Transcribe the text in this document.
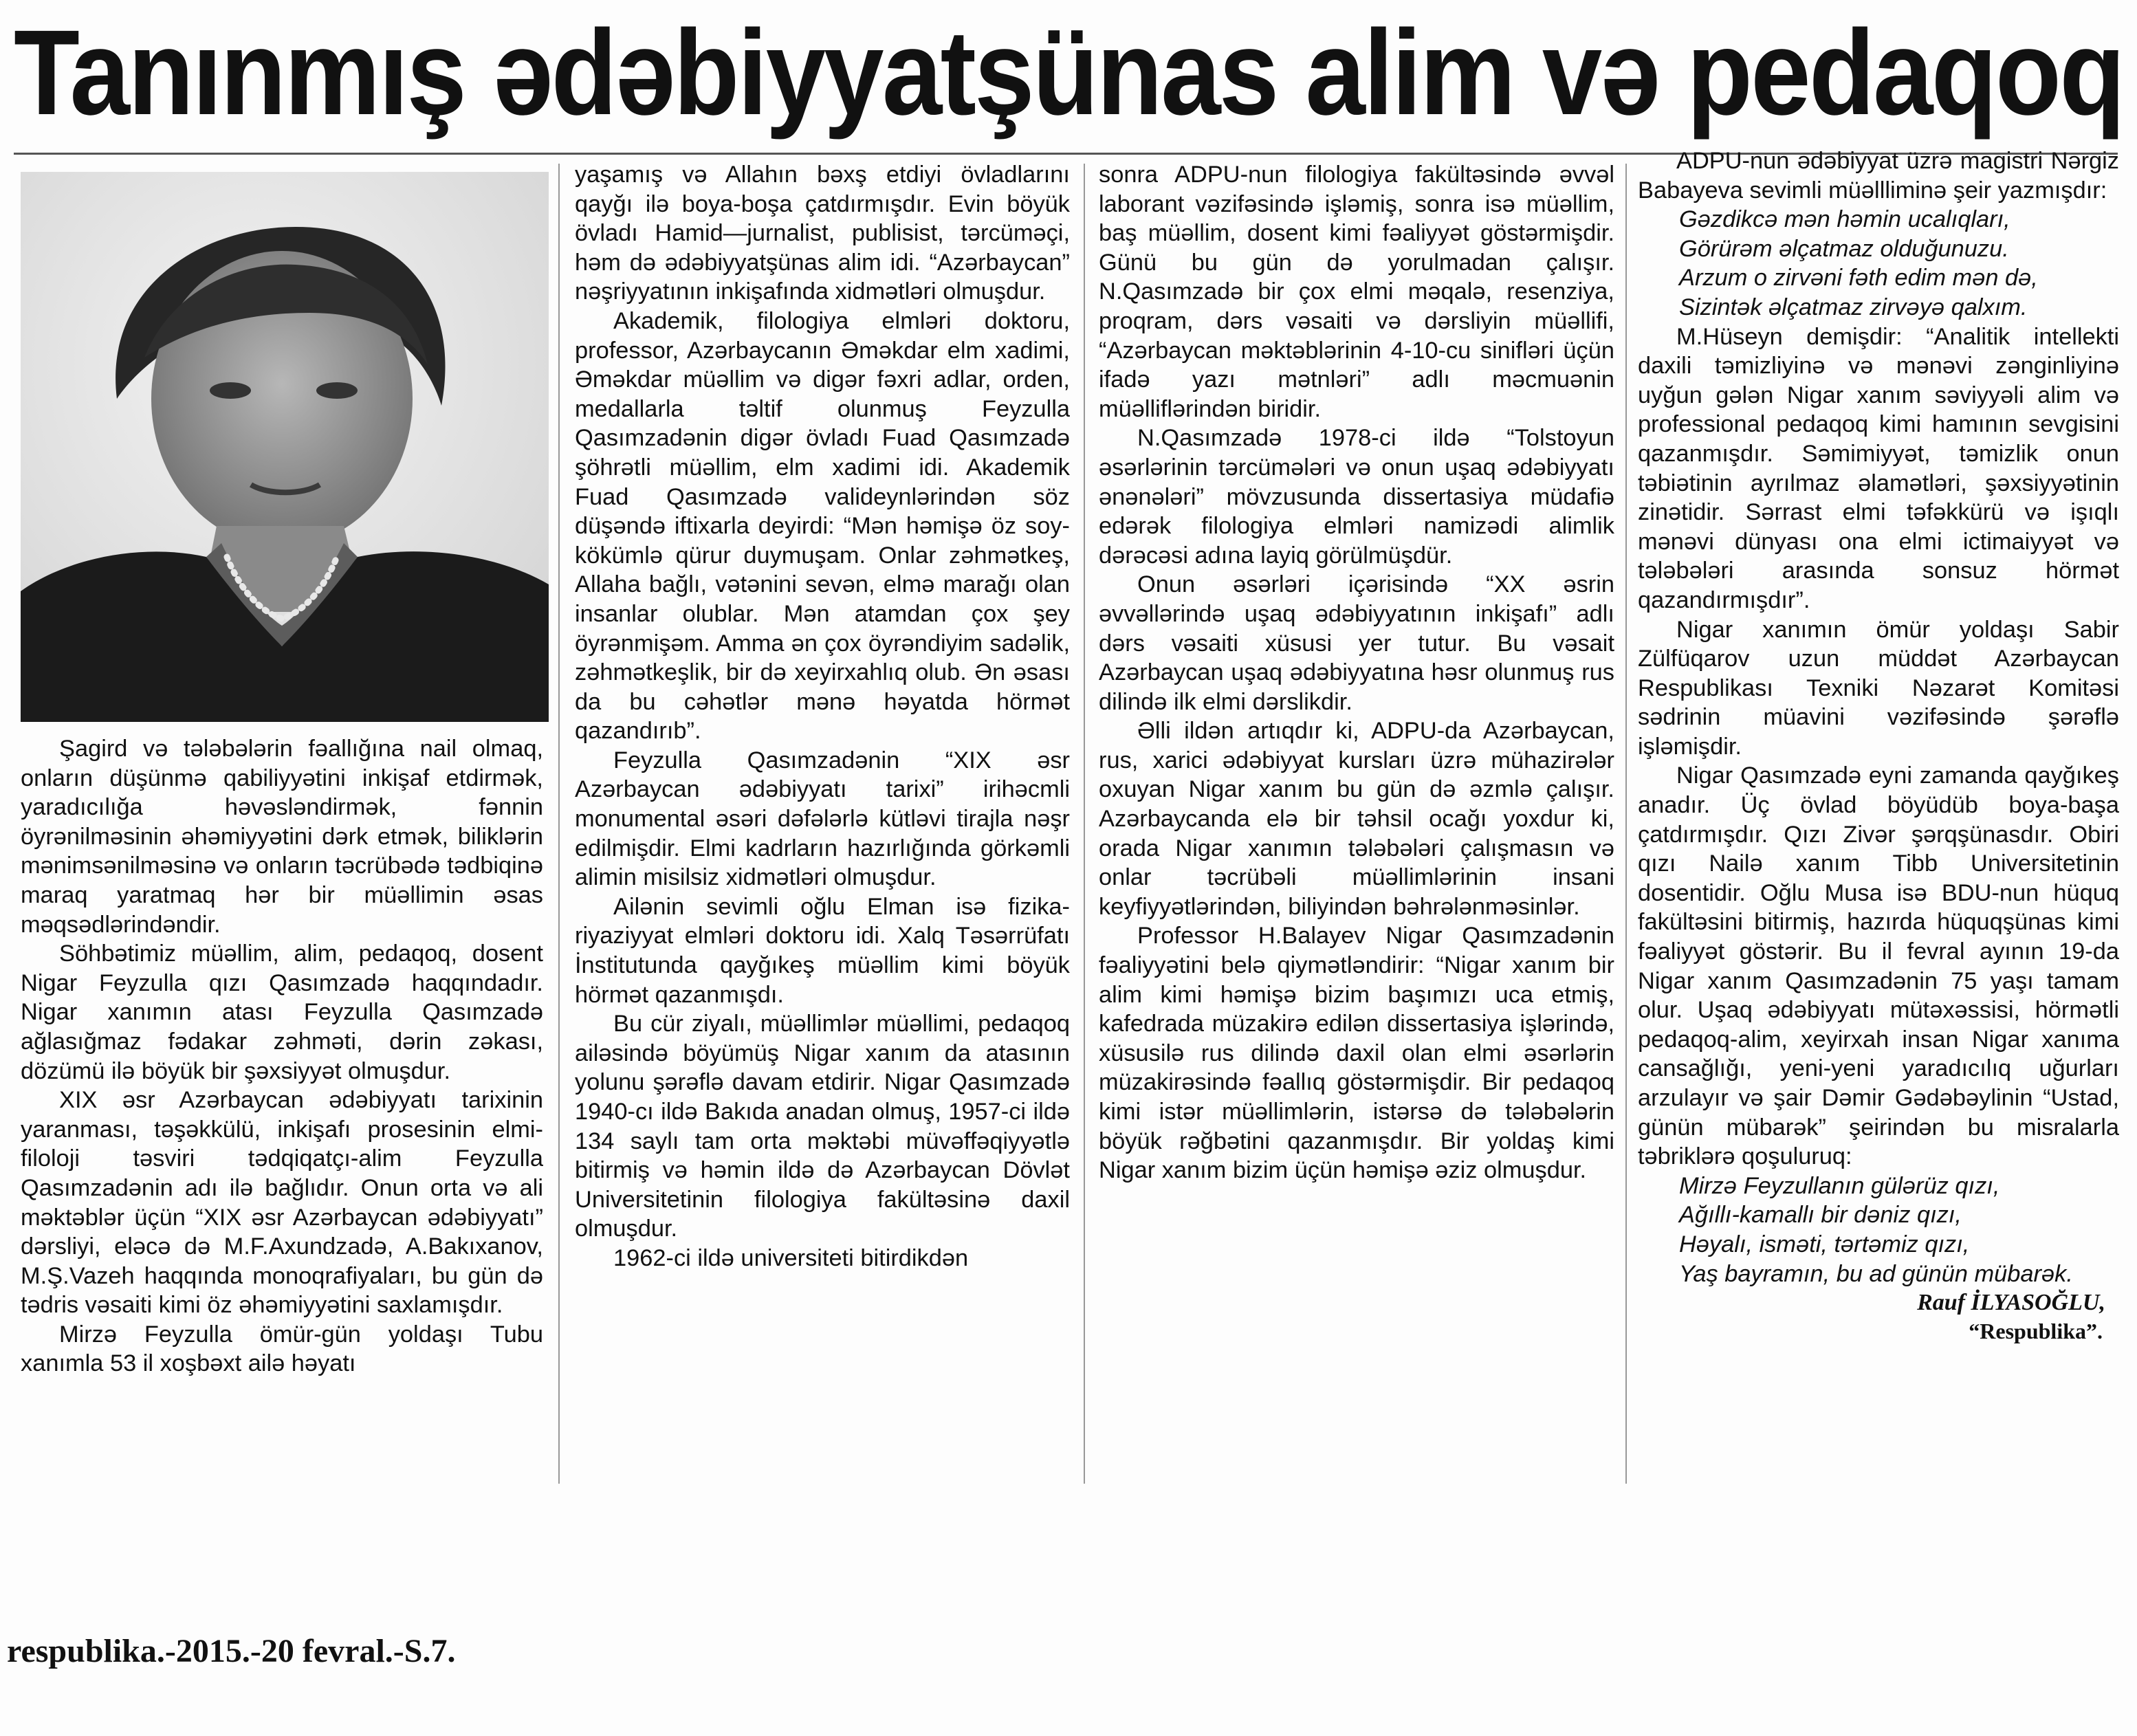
Tanınmış ədəbiyyatşünas alim və pedaqoq

Şagird və tələbələrin fəallığına nail olmaq, onların düşünmə qabiliyyətini inkişaf etdirmək, yaradıcılığa həvəsləndirmək, fənnin öyrənilməsinin əhəmiyyətini dərk etmək, biliklərin mənimsənilməsinə və onların təcrübədə tədbiqinə maraq yaratmaq hər bir müəllimin əsas məqsədlərindəndir.

Söhbətimiz müəllim, alim, pedaqoq, dosent Nigar Feyzulla qızı Qasımzadə haqqındadır. Nigar xanımın atası Feyzulla Qasımzadə ağlasığmaz fədakar zəhməti, dərin zəkası, dözümü ilə böyük bir şəxsiyyət olmuşdur.

XIX əsr Azərbaycan ədəbiyyatı tarixinin yaranması, təşəkkülü, inkişafı prosesinin elmi-filoloji təsviri tədqiqatçı-alim Feyzulla Qasımzadənin adı ilə bağlıdır. Onun orta və ali məktəblər üçün “XIX əsr Azərbaycan ədəbiyyatı” dərsliyi, eləcə də M.F.Axundzadə, A.Bakıxanov, M.Ş.Vazeh haqqında monoqrafiyaları, bu gün də tədris vəsaiti kimi öz əhəmiyyətini saxlamışdır.

Mirzə Feyzulla ömür-gün yoldaşı Tubu xanımla 53 il xoşbəxt ailə həyatı

yaşamış və Allahın bəxş etdiyi övladlarını qayğı ilə boya-boşa çatdırmışdır. Evin böyük övladı Hamid—jurnalist, publisist, tərcüməçi, həm də ədəbiyyatşünas alim idi. “Azərbaycan” nəşriyyatının inkişafında xidmətləri olmuşdur.

Akademik, filologiya elmləri doktoru, professor, Azərbaycanın Əməkdar elm xadimi, Əməkdar müəllim və digər fəxri adlar, orden, medallarla təltif olunmuş Feyzulla Qasımzadənin digər övladı Fuad Qasımzadə şöhrətli müəllim, elm xadimi idi. Akademik Fuad Qasımzadə valideynlərindən söz düşəndə iftixarla deyirdi: “Mən həmişə öz soy-kökümlə qürur duymuşam. Onlar zəhmətkeş, Allaha bağlı, vətənini sevən, elmə marağı olan insanlar olublar. Mən atamdan çox şey öyrənmişəm. Amma ən çox öyrəndiyim sadəlik, zəhmətkeşlik, bir də xeyirxahlıq olub. Ən əsası da bu cəhətlər mənə həyatda hörmət qazandırıb”.

Feyzulla Qasımzadənin “XIX əsr Azərbaycan ədəbiyyatı tarixi” irihəcmli monumental əsəri dəfələrlə kütləvi tirajla nəşr edilmişdir. Elmi kadrların hazırlığında görkəmli alimin misilsiz xidmətləri olmuşdur.

Ailənin sevimli oğlu Elman isə fizika-riyaziyyat elmləri doktoru idi. Xalq Təsərrüfatı İnstitutunda qayğıkeş müəllim kimi böyük hörmət qazanmışdı.

Bu cür ziyalı, müəllimlər müəllimi, pedaqoq ailəsində böyümüş Nigar xanım da atasının yolunu şərəflə davam etdirir. Nigar Qasımzadə 1940-cı ildə Bakıda anadan olmuş, 1957-ci ildə 134 saylı tam orta məktəbi müvəffəqiyyətlə bitirmiş və həmin ildə də Azərbaycan Dövlət Universitetinin filologiya fakültəsinə daxil olmuşdur.

1962-ci ildə universiteti bitirdikdən

sonra ADPU-nun filologiya fakültəsində əvvəl laborant vəzifəsində işləmiş, sonra isə müəllim, baş müəllim, dosent kimi fəaliyyət göstərmişdir. Günü bu gün də yorulmadan çalışır. N.Qasımzadə bir çox elmi məqalə, resenziya, proqram, dərs vəsaiti və dərsliyin müəllifi, “Azərbaycan məktəblərinin 4-10-cu sinifləri üçün ifadə yazı mətnləri” adlı məcmuənin müəlliflərindən biridir.

N.Qasımzadə 1978-ci ildə “Tolstoyun əsərlərinin tərcümələri və onun uşaq ədəbiyyatı ənənələri” mövzusunda dissertasiya müdafiə edərək filologiya elmləri namizədi alimlik dərəcəsi adına layiq görülmüşdür.

Onun əsərləri içərisində “XX əsrin əvvəllərində uşaq ədəbiyyatının inkişafı” adlı dərs vəsaiti xüsusi yer tutur. Bu vəsait Azərbaycan uşaq ədəbiyyatına həsr olunmuş rus dilində ilk elmi dərslikdir.

Əlli ildən artıqdır ki, ADPU-da Azərbaycan, rus, xarici ədəbiyyat kursları üzrə mühazirələr oxuyan Nigar xanım bu gün də əzmlə çalışır. Azərbaycanda elə bir təhsil ocağı yoxdur ki, orada Nigar xanımın tələbələri çalışmasın və onlar təcrübəli müəllimlərinin insani keyfiyyətlərindən, biliyindən bəhrələnməsinlər.

Professor H.Balayev Nigar Qasımzadənin fəaliyyətini belə qiymətləndirir: “Nigar xanım bir alim kimi həmişə bizim başımızı uca etmiş, kafedrada müzakirə edilən dissertasiya işlərində, xüsusilə rus dilində daxil olan elmi əsərlərin müzakirəsində fəallıq göstərmişdir. Bir pedaqoq kimi istər müəllimlərin, istərsə də tələbələrin böyük rəğbətini qazanmışdır. Bir yoldaş kimi Nigar xanım bizim üçün həmişə əziz olmuşdur.

ADPU-nun ədəbiyyat üzrə magistri Nərgiz Babayeva sevimli müəllliminə şeir yazmışdır:

Gəzdikcə mən həmin ucalıqları,

Görürəm əlçatmaz olduğunuzu.

Arzum o zirvəni fəth edim mən də,

Sizintək əlçatmaz zirvəyə qalxım.

M.Hüseyn demişdir: “Analitik intellekti daxili təmizliyinə və mənəvi zənginliyinə uyğun gələn Nigar xanım səviyyəli alim və professional pedaqoq kimi hamının sevgisini qazanmışdır. Səmimiyyət, təmizlik onun təbiətinin ayrılmaz əlamətləri, şəxsiyyətinin zinətidir. Sərrast elmi təfəkkürü və işıqlı mənəvi dünyası ona elmi ictimaiyyət və tələbələri arasında sonsuz hörmət qazandırmışdır”.

Nigar xanımın ömür yoldaşı Sabir Zülfüqarov uzun müddət Azərbaycan Respublikası Texniki Nəzarət Komitəsi sədrinin müavini vəzifəsində şərəflə işləmişdir.

Nigar Qasımzadə eyni zamanda qayğıkeş anadır. Üç övlad böyüdüb boya-başa çatdırmışdır. Qızı Zivər şərqşünasdır. Obiri qızı Nailə xanım Tibb Universitetinin dosentidir. Oğlu Musa isə BDU-nun hüquq fakültəsini bitirmiş, hazırda hüquqşünas kimi fəaliyyət göstərir. Bu il fevral ayının 19-da Nigar xanım Qasımzadənin 75 yaşı tamam olur. Uşaq ədəbiyyatı mütəxəssisi, hörmətli pedaqoq-alim, xeyirxah insan Nigar xanıma cansağlığı, yeni-yeni yaradıcılıq uğurları arzulayır və şair Dəmir Gədəbəylinin “Ustad, günün mübarək” şeirindən bu misralarla təbriklərə qoşuluruq:

Mirzə Feyzullanın gülərüz qızı,

Ağıllı-kamallı bir dəniz qızı,

Həyalı, isməti, tərtəmiz qızı,

Yaş bayramın, bu ad günün mübarək.

Rauf İLYASOĞLU,

“Respublika”.

respublika.-2015.-20 fevral.-S.7.
